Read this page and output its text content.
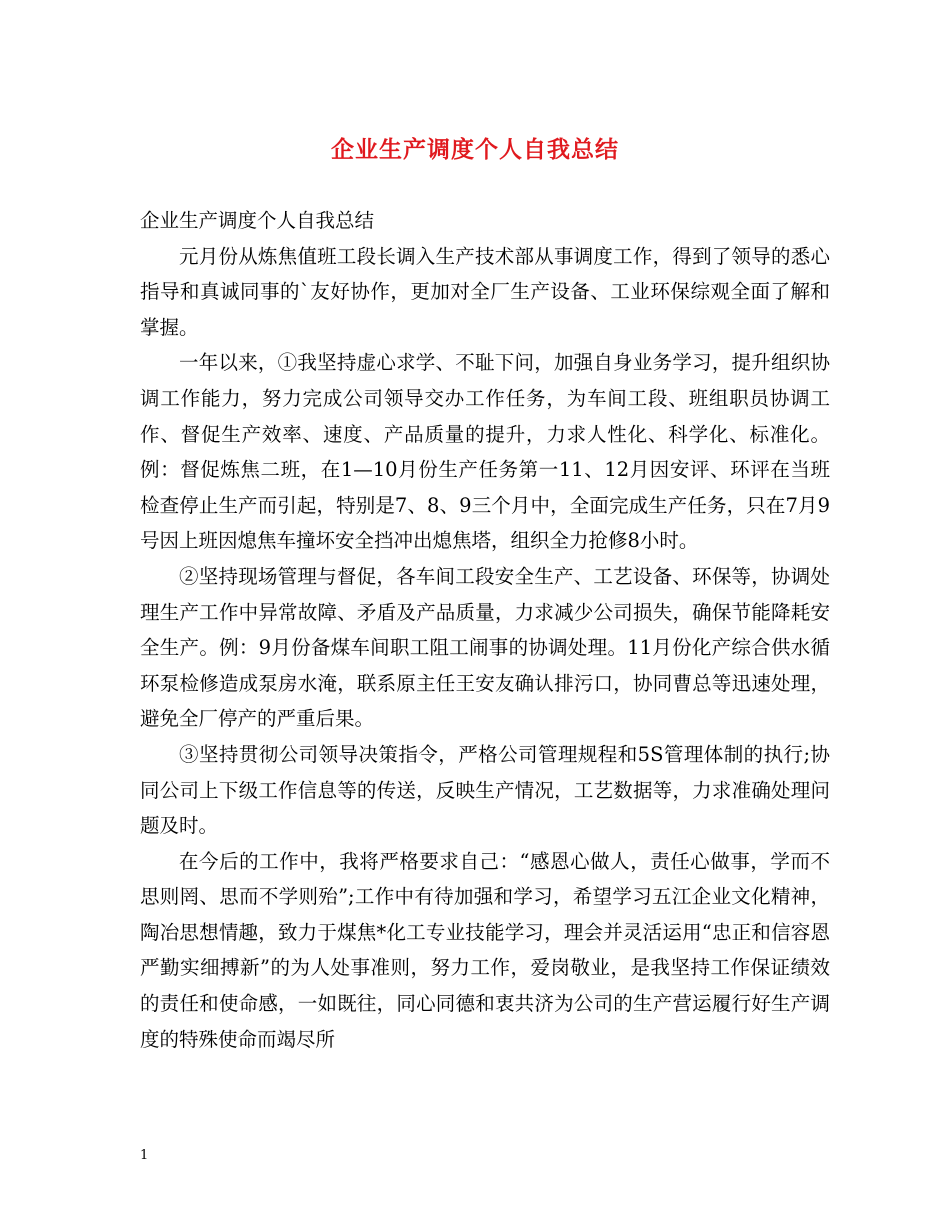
企业生产调度个人自我总结

企业生产调度个人自我总结

元月份从炼焦值班工段长调入生产技术部从事调度工作，得到了领导的悉心指导和真诚同事的`友好协作，更加对全厂生产设备、工业环保综观全面了解和掌握。

一年以来，①我坚持虚心求学、不耻下问，加强自身业务学习，提升组织协调工作能力，努力完成公司领导交办工作任务，为车间工段、班组职员协调工作、督促生产效率、速度、产品质量的提升，力求人性化、科学化、标准化。例：督促炼焦二班，在1—10月份生产任务第一11、12月因安评、环评在当班检查停止生产而引起，特别是7、8、9三个月中，全面完成生产任务，只在7月9号因上班因熄焦车撞坏安全挡冲出熄焦塔，组织全力抢修8小时。

②坚持现场管理与督促，各车间工段安全生产、工艺设备、环保等，协调处理生产工作中异常故障、矛盾及产品质量，力求减少公司损失，确保节能降耗安全生产。例：9月份备煤车间职工阻工闹事的协调处理。11月份化产综合供水循环泵检修造成泵房水淹，联系原主任王安友确认排污口，协同曹总等迅速处理，避免全厂停产的严重后果。

③坚持贯彻公司领导决策指令，严格公司管理规程和5S管理体制的执行;协同公司上下级工作信息等的传送，反映生产情况，工艺数据等，力求准确处理问题及时。

在今后的工作中，我将严格要求自己：“感恩心做人，责任心做事，学而不思则罔、思而不学则殆”;工作中有待加强和学习，希望学习五江企业文化精神，陶冶思想情趣，致力于煤焦*化工专业技能学习，理会并灵活运用“忠正和信容恩严勤实细搏新”的为人处事准则，努力工作，爱岗敬业，是我坚持工作保证绩效的责任和使命感，一如既往，同心同德和衷共济为公司的生产营运履行好生产调度的特殊使命而竭尽所

1
